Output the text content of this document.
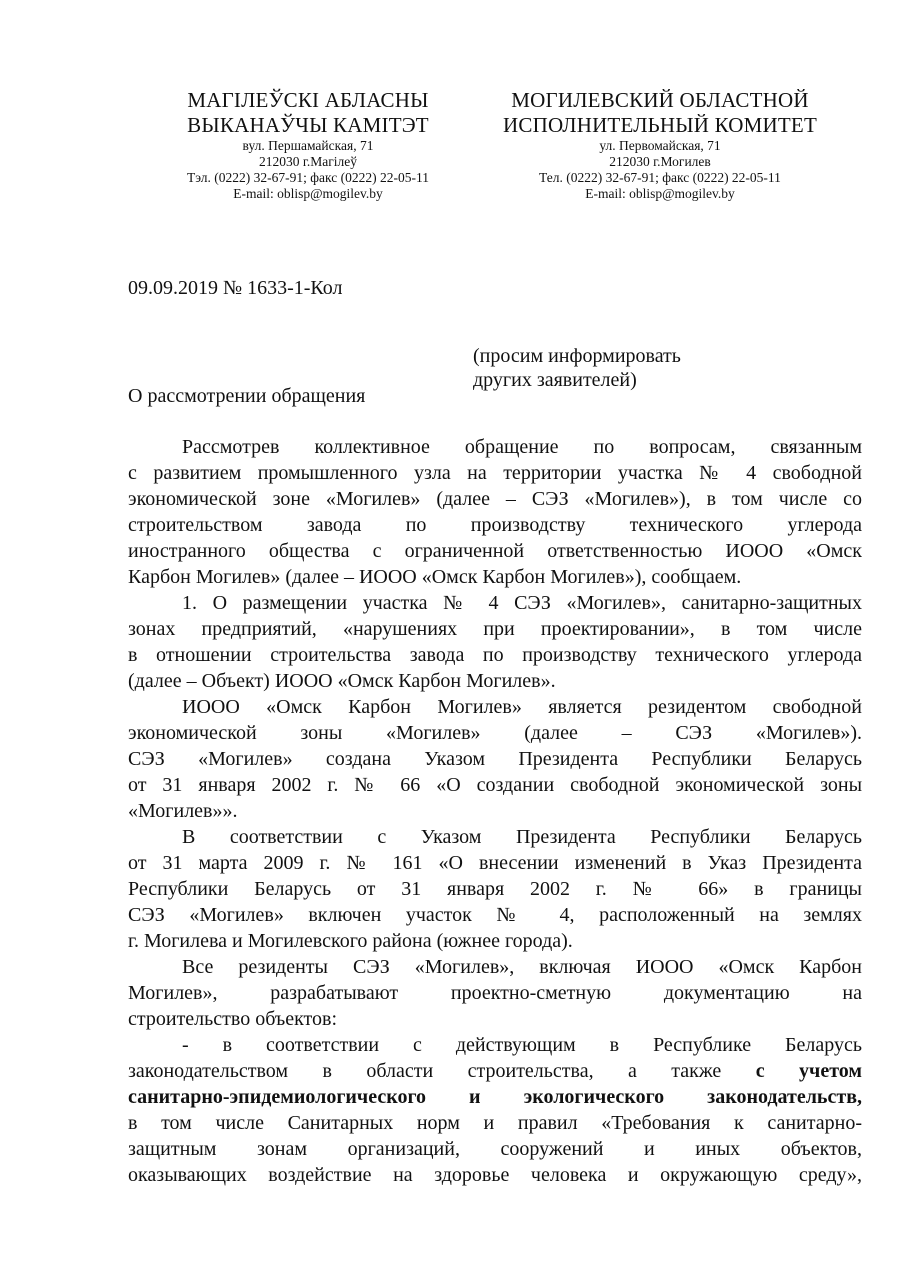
МАГІЛЕЎСКІ АБЛАСНЫ
ВЫКАНАЎЧЫ КАМІТЭТ
вул. Першамайская, 71
212030 г.Магілеў
Тэл. (0222) 32-67-91; факс (0222) 22-05-11
E-mail: oblisp@mogilev.by
МОГИЛЕВСКИЙ ОБЛАСТНОЙ
ИСПОЛНИТЕЛЬНЫЙ КОМИТЕТ
ул. Первомайская, 71
212030 г.Могилев
Тел. (0222) 32-67-91; факс (0222) 22-05-11
E-mail: oblisp@mogilev.by
09.09.2019 № 1633-1-Кол
(просим информировать
других заявителей)
О рассмотрении обращения
Рассмотрев коллективное обращение по вопросам, связанным
с развитием промышленного узла на территории участка № 4 свободной
экономической зоне «Могилев» (далее – СЭЗ «Могилев»), в том числе со
строительством завода по производству технического углерода
иностранного общества с ограниченной ответственностью ИООО «Омск
Карбон Могилев» (далее – ИООО «Омск Карбон Могилев»), сообщаем.
1. О размещении участка № 4 СЭЗ «Могилев», санитарно-защитных
зонах предприятий, «нарушениях при проектировании», в том числе
в отношении строительства завода по производству технического углерода
(далее – Объект) ИООО «Омск Карбон Могилев».
ИООО «Омск Карбон Могилев» является резидентом свободной
экономической зоны «Могилев» (далее – СЭЗ «Могилев»).
СЭЗ «Могилев» создана Указом Президента Республики Беларусь
от 31 января 2002 г. № 66 «О создании свободной экономической зоны
«Могилев»».
В соответствии с Указом Президента Республики Беларусь
от 31 марта 2009 г. № 161 «О внесении изменений в Указ Президента
Республики Беларусь от 31 января 2002 г. № 66» в границы
СЭЗ «Могилев» включен участок № 4, расположенный на землях
г. Могилева и Могилевского района (южнее города).
Все резиденты СЭЗ «Могилев», включая ИООО «Омск Карбон
Могилев», разрабатывают проектно-сметную документацию на
строительство объектов:
- в соответствии с действующим в Республике Беларусь
законодательством в области строительства, а также с учетом
санитарно-эпидемиологического и экологического законодательств,
в том числе Санитарных норм и правил «Требования к санитарно-
защитным зонам организаций, сооружений и иных объектов,
оказывающих воздействие на здоровье человека и окружающую среду»,
